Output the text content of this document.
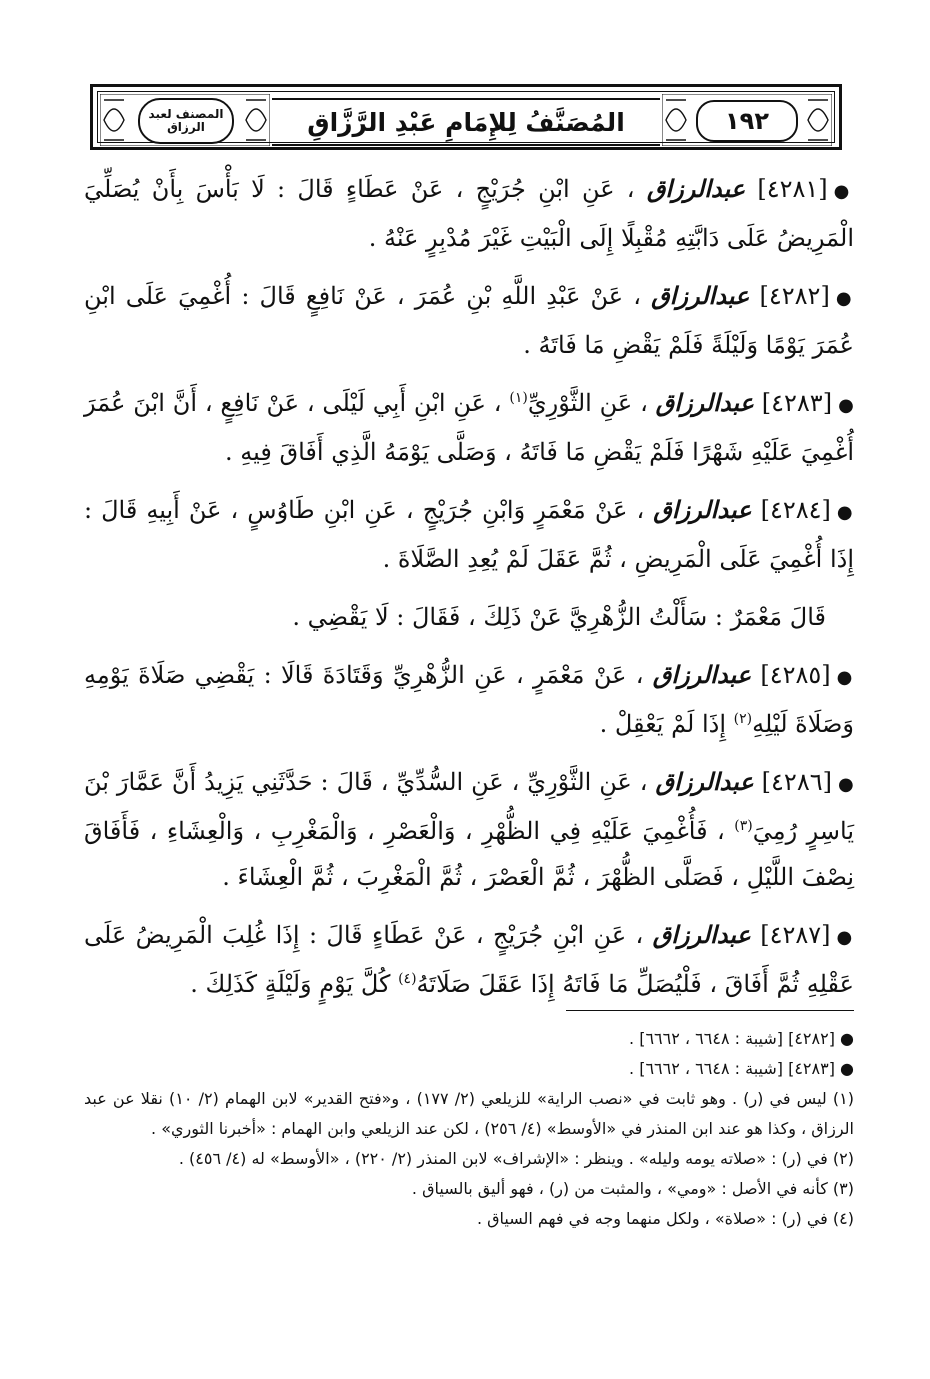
١٩٢
المصنف لعبد الرزاق	المُصَنَّفُ لِلإِمَامِ عَبْدِ الرَّزَّاقِ

●[٤٢٨١] عبدالرزاق ، عَنِ ابْنِ جُرَيْجٍ ، عَنْ عَطَاءٍ قَالَ : لَا بَأْسَ بِأَنْ يُصَلِّيَ الْمَرِيضُ عَلَى دَابَّتِهِ مُقْبِلًا إِلَى الْبَيْتِ غَيْرَ مُدْبِرٍ عَنْهُ .

●[٤٢٨٢] عبدالرزاق ، عَنْ عَبْدِ اللَّهِ بْنِ عُمَرَ ، عَنْ نَافِعٍ قَالَ : أُغْمِيَ عَلَى ابْنِ عُمَرَ يَوْمًا وَلَيْلَةً فَلَمْ يَقْضِ مَا فَاتَهُ .

●[٤٢٨٣] عبدالرزاق ، عَنِ الثَّوْرِيِّ$^{(١)}$ ، عَنِ ابْنِ أَبِي لَيْلَى ، عَنْ نَافِعٍ ، أَنَّ ابْنَ عُمَرَ أُغْمِيَ عَلَيْهِ شَهْرًا فَلَمْ يَقْضِ مَا فَاتَهُ ، وَصَلَّى يَوْمَهُ الَّذِي أَفَاقَ فِيهِ .

●[٤٢٨٤] عبدالرزاق ، عَنْ مَعْمَرٍ وَابْنِ جُرَيْجٍ ، عَنِ ابْنِ طَاوُسٍ ، عَنْ أَبِيهِ قَالَ : إِذَا أُغْمِيَ عَلَى الْمَرِيضِ ، ثُمَّ عَقَلَ لَمْ يُعِدِ الصَّلَاةَ .

قَالَ مَعْمَرٌ : سَأَلْتُ الزُّهْرِيَّ عَنْ ذَلِكَ ، فَقَالَ : لَا يَقْضِي .

●[٤٢٨٥] عبدالرزاق ، عَنْ مَعْمَرٍ ، عَنِ الزُّهْرِيِّ وَقَتَادَةَ قَالَا : يَقْضِي صَلَاةَ يَوْمِهِ وَصَلَاةَ لَيْلِهِ$^{(٢)}$ إِذَا لَمْ يَعْقِلْ .

●[٤٢٨٦] عبدالرزاق ، عَنِ الثَّوْرِيِّ ، عَنِ السُّدِّيِّ ، قَالَ : حَدَّثَنِي يَزِيدُ أَنَّ عَمَّارَ بْنَ يَاسِرٍ رُمِيَ$^{(٣)}$ ، فَأُغْمِيَ عَلَيْهِ فِي الظُّهْرِ ، وَالْعَصْرِ ، وَالْمَغْرِبِ ، وَالْعِشَاءِ ، فَأَفَاقَ نِصْفَ اللَّيْلِ ، فَصَلَّى الظُّهْرَ ، ثُمَّ الْعَصْرَ ، ثُمَّ الْمَغْرِبَ ، ثُمَّ الْعِشَاءَ .

●[٤٢٨٧] عبدالرزاق ، عَنِ ابْنِ جُرَيْجٍ ، عَنْ عَطَاءٍ قَالَ : إِذَا غُلِبَ الْمَرِيضُ عَلَى عَقْلِهِ ثُمَّ أَفَاقَ ، فَلْيُصَلِّ مَا فَاتَهُ إِذَا عَقَلَ صَلَاتَهُ$^{(٤)}$ كُلَّ يَوْمٍ وَلَيْلَةٍ كَذَلِكَ .

● [٤٢٨٢] [شيبة : ٦٦٤٨ ، ٦٦٦٢] .
● [٤٢٨٣] [شيبة : ٦٦٤٨ ، ٦٦٦٢] .
(١) ليس في (ر) . وهو ثابت في «نصب الراية» للزيلعي (٢/ ١٧٧) ، و«فتح القدير» لابن الهمام (٢/ ١٠) نقلا عن عبد الرزاق ، وكذا هو عند ابن المنذر في «الأوسط» (٤/ ٢٥٦) ، لكن عند الزيلعي وابن الهمام : «أخبرنا الثوري» .
(٢) في (ر) : «صلاته يومه وليله» . وينظر : «الإشراف» لابن المنذر (٢/ ٢٢٠) ، «الأوسط» له (٤/ ٤٥٦) .
(٣) كأنه في الأصل : «ومي» ، والمثبت من (ر) ، فهو أليق بالسياق .
(٤) في (ر) : «صلاة» ، ولكل منهما وجه في فهم السياق .
